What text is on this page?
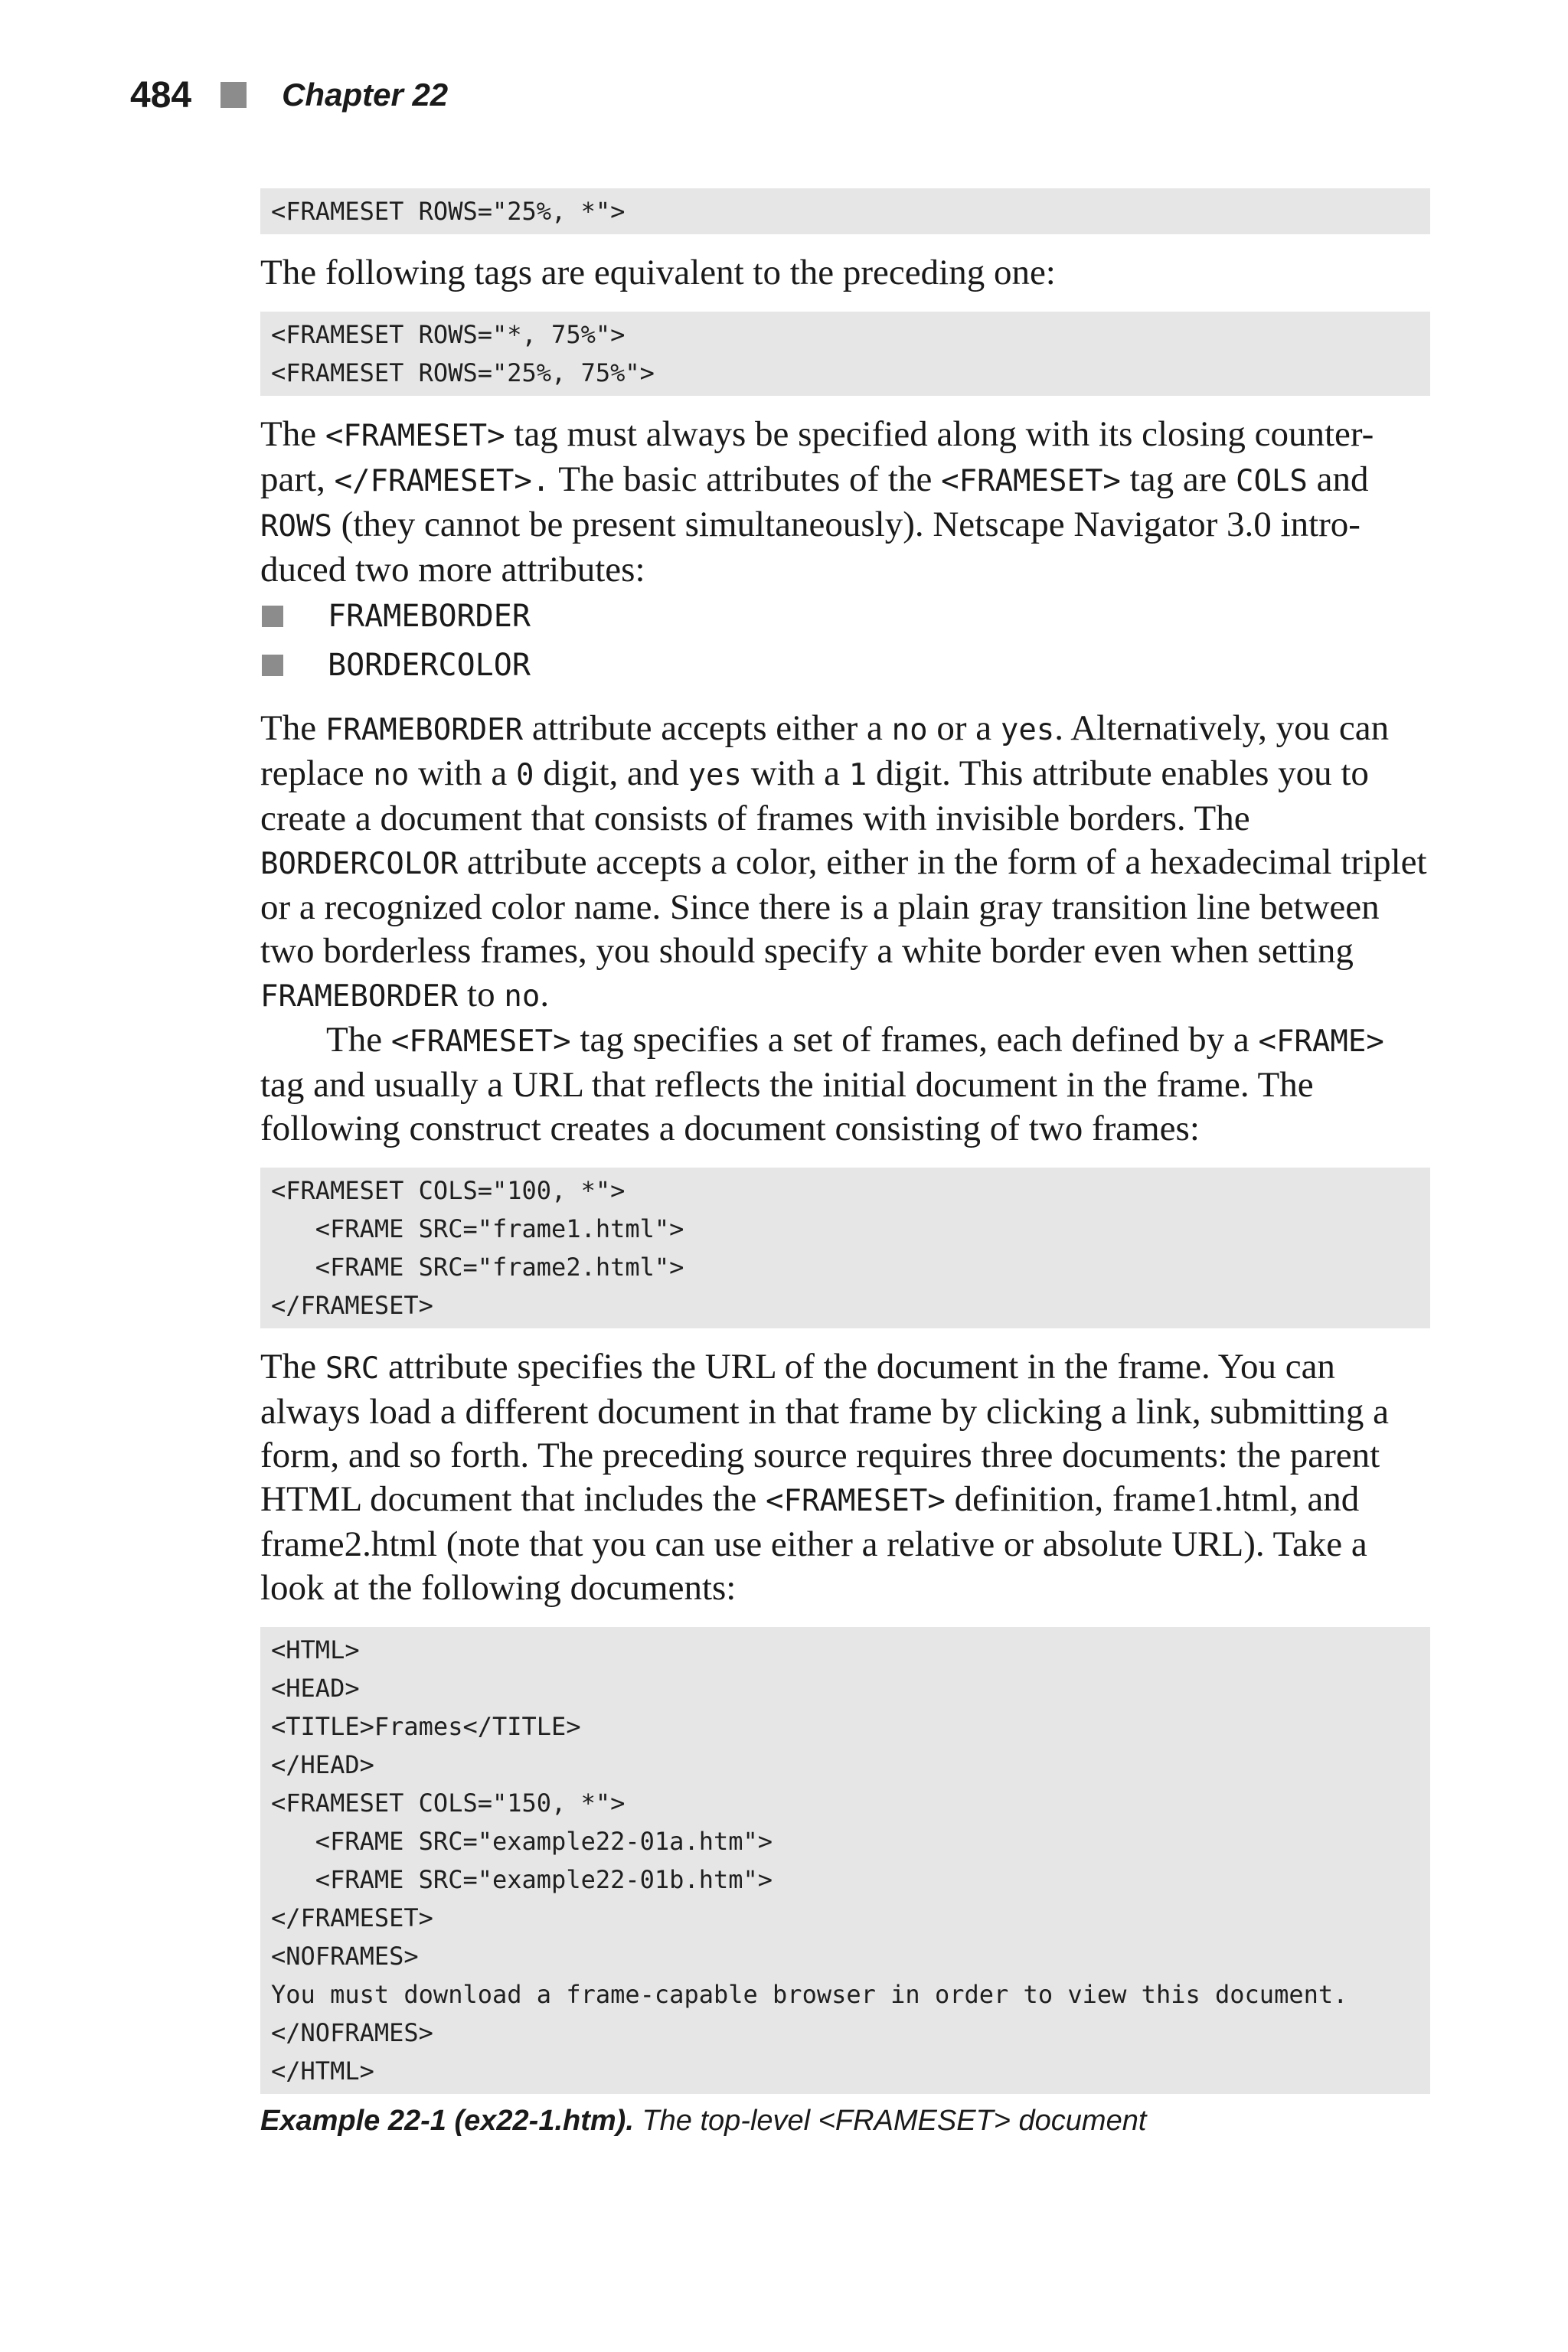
484	Chapter 22
<FRAMESET ROWS="25%, *">

The following tags are equivalent to the preceding one:

<FRAMESET ROWS="*, 75%">
<FRAMESET ROWS="25%, 75%">

The <FRAMESET> tag must always be specified along with its closing counter-part, </FRAMESET>. The basic attributes of the <FRAMESET> tag are COLS and ROWS (they cannot be present simultaneously). Netscape Navigator 3.0 intro-duced two more attributes:

FRAMEBORDER
BORDERCOLOR

The FRAMEBORDER attribute accepts either a no or a yes. Alternatively, you can replace no with a 0 digit, and yes with a 1 digit. This attribute enables you to create a document that consists of frames with invisible borders. The BORDERCOLOR attribute accepts a color, either in the form of a hexadecimal triplet or a recognized color name. Since there is a plain gray transition line between two borderless frames, you should specify a white border even when setting FRAMEBORDER to no.

The <FRAMESET> tag specifies a set of frames, each defined by a <FRAME> tag and usually a URL that reflects the initial document in the frame. The following construct creates a document consisting of two frames:

<FRAMESET COLS="100, *">
<FRAME SRC="frame1.html">
<FRAME SRC="frame2.html">
</FRAMESET>

The SRC attribute specifies the URL of the document in the frame. You can always load a different document in that frame by clicking a link, submitting a form, and so forth. The preceding source requires three documents: the parent HTML document that includes the <FRAMESET> definition, frame1.html, and frame2.html (note that you can use either a relative or absolute URL). Take a look at the following documents:

<HTML>
<HEAD>
<TITLE>Frames</TITLE>
</HEAD>
<FRAMESET COLS="150, *">
<FRAME SRC="example22-01a.htm">
<FRAME SRC="example22-01b.htm">
</FRAMESET>
<NOFRAMES>
You must download a frame-capable browser in order to view this document.
</NOFRAMES>
</HTML>
Example 22-1 (ex22-1.htm). The top-level <FRAMESET> document
